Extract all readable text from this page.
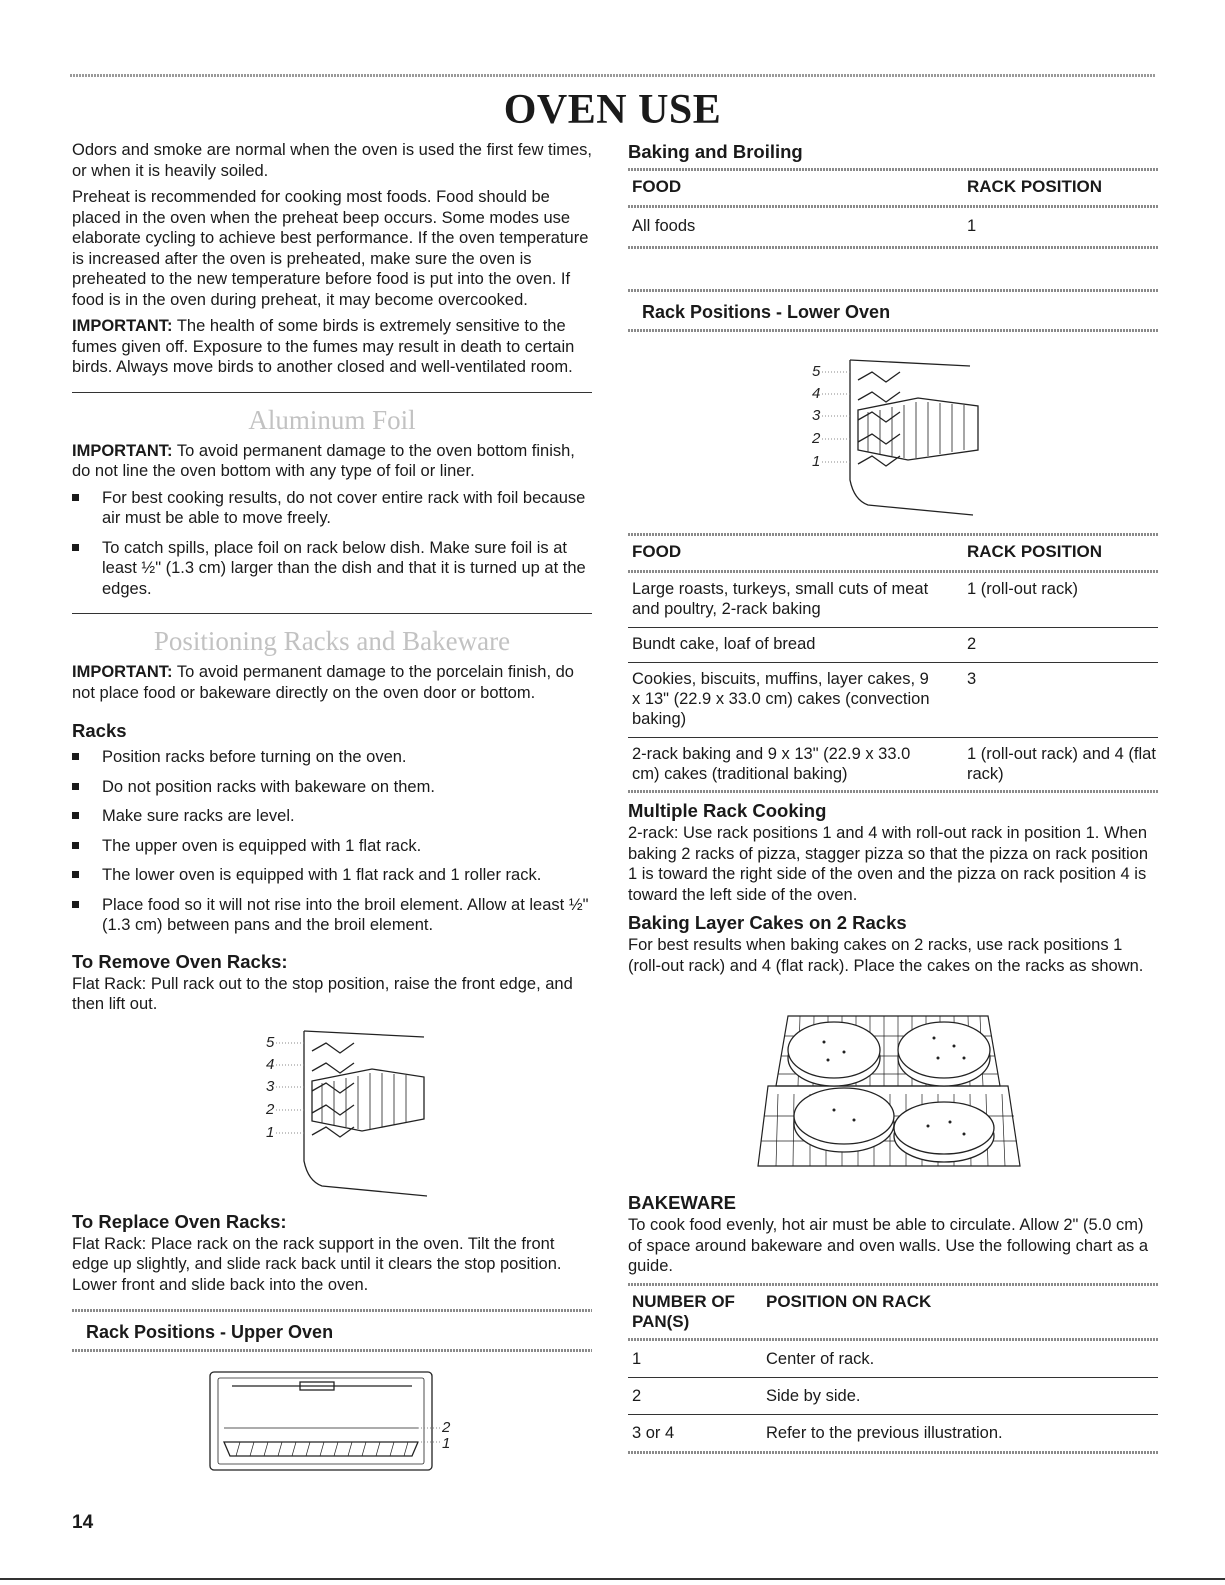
OVEN USE

Odors and smoke are normal when the oven is used the first few times, or when it is heavily soiled.

Preheat is recommended for cooking most foods. Food should be placed in the oven when the preheat beep occurs. Some modes use elaborate cycling to achieve best performance. If the oven temperature is increased after the oven is preheated, make sure the oven is preheated to the new temperature before food is put into the oven. If food is in the oven during preheat, it may become overcooked.

IMPORTANT: The health of some birds is extremely sensitive to the fumes given off. Exposure to the fumes may result in death to certain birds. Always move birds to another closed and well-ventilated room.

Aluminum Foil

IMPORTANT: To avoid permanent damage to the oven bottom finish, do not line the oven bottom with any type of foil or liner.

For best cooking results, do not cover entire rack with foil because air must be able to move freely.
To catch spills, place foil on rack below dish. Make sure foil is at least ½" (1.3 cm) larger than the dish and that it is turned up at the edges.
Positioning Racks and Bakeware

IMPORTANT: To avoid permanent damage to the porcelain finish, do not place food or bakeware directly on the oven door or bottom.

Racks
Position racks before turning on the oven.
Do not position racks with bakeware on them.
Make sure racks are level.
The upper oven is equipped with 1 flat rack.
The lower oven is equipped with 1 flat rack and 1 roller rack.
Place food so it will not rise into the broil element. Allow at least ½" (1.3 cm) between pans and the broil element.
To Remove Oven Racks:

Flat Rack: Pull rack out to the stop position, raise the front edge, and then lift out.

5
4
3
2
1
To Replace Oven Racks:

Flat Rack: Place rack on the rack support in the oven. Tilt the front edge up slightly, and slide rack back until it clears the stop position. Lower front and slide back into the oven.

Rack Positions - Upper Oven
2
1
Baking and Broiling
FOOD	RACK POSITION

All foods	1

Rack Positions - Lower Oven
5
4
3
2
1
FOOD	RACK POSITION

Large roasts, turkeys, small cuts of meat and poultry, 2-rack baking	1 (roll-out rack)

Bundt cake, loaf of bread	2

Cookies, biscuits, muffins, layer cakes, 9 x 13" (22.9 x 33.0 cm) cakes (convection baking)	3

2-rack baking and 9 x 13" (22.9 x 33.0 cm) cakes (traditional baking)	1 (roll-out rack) and 4 (flat rack)

Multiple Rack Cooking

2-rack: Use rack positions 1 and 4 with roll-out rack in position 1. When baking 2 racks of pizza, stagger pizza so that the pizza on rack position 1 is toward the right side of the oven and the pizza on rack position 4 is toward the left side of the oven.

Baking Layer Cakes on 2 Racks

For best results when baking cakes on 2 racks, use rack positions 1 (roll-out rack) and 4 (flat rack). Place the cakes on the racks as shown.

BAKEWARE

To cook food evenly, hot air must be able to circulate. Allow 2" (5.0 cm) of space around bakeware and oven walls. Use the following chart as a guide.

NUMBER OF PAN(S)	POSITION ON RACK

1	Center of rack.

2	Side by side.

3 or 4	Refer to the previous illustration.

14
